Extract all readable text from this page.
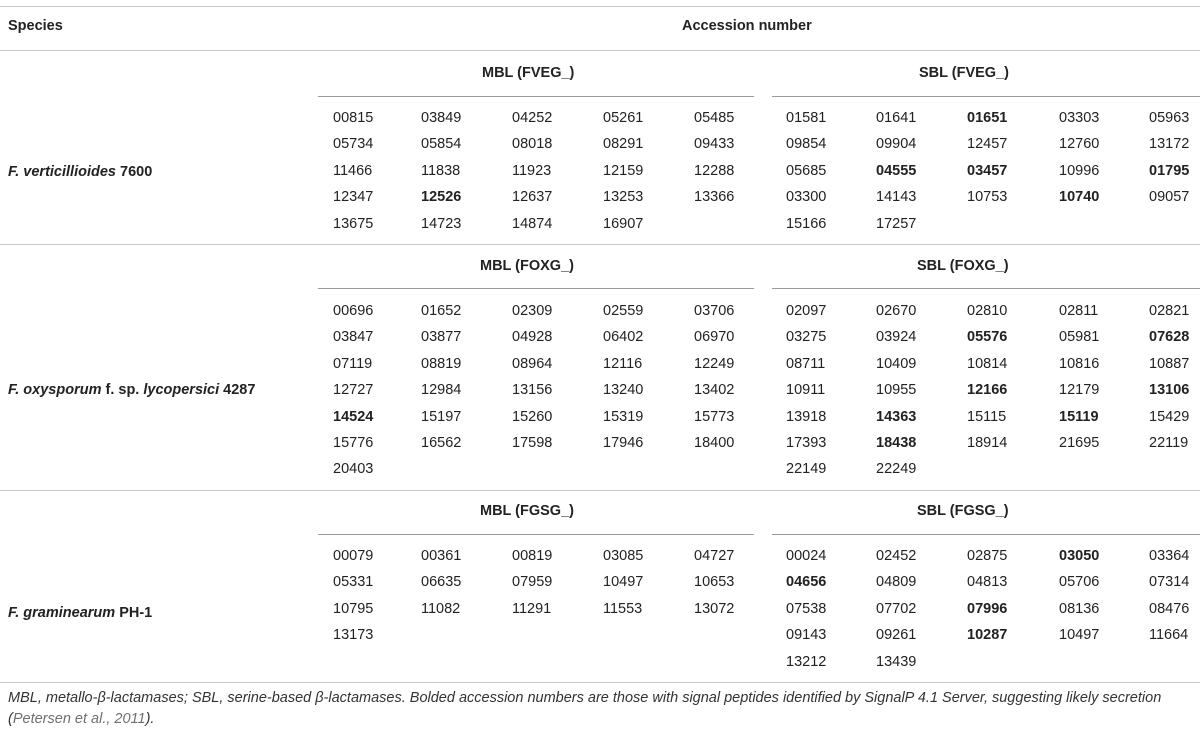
Species	Accession number
MBL (FVEG_)	SBL (FVEG_)
F. verticillioides 7600
00815	03849	04252	05261	05485
05734	05854	08018	08291	09433
11466	11838	11923	12159	12288
12347	12526	12637	13253	13366
13675	14723	14874	16907
01581	01641	01651	03303	05963
09854	09904	12457	12760	13172
05685	04555	03457	10996	01795
03300	14143	10753	10740	09057
15166	17257
MBL (FOXG_)	SBL (FOXG_)
F. oxysporum f. sp. lycopersici 4287
00696	01652	02309	02559	03706
03847	03877	04928	06402	06970
07119	08819	08964	12116	12249
12727	12984	13156	13240	13402
14524	15197	15260	15319	15773
15776	16562	17598	17946	18400
20403
02097	02670	02810	02811	02821
03275	03924	05576	05981	07628
08711	10409	10814	10816	10887
10911	10955	12166	12179	13106
13918	14363	15115	15119	15429
17393	18438	18914	21695	22119
22149	22249
MBL (FGSG_)	SBL (FGSG_)
F. graminearum PH-1
00079	00361	00819	03085	04727
05331	06635	07959	10497	10653
10795	11082	11291	11553	13072
13173
00024	02452	02875	03050	03364
04656	04809	04813	05706	07314
07538	07702	07996	08136	08476
09143	09261	10287	10497	11664
13212	13439
MBL, metallo-β-lactamases; SBL, serine-based β-lactamases. Bolded accession numbers are those with signal peptides identified by SignalP 4.1 Server, suggesting likely secretion (Petersen et al., 2011).
